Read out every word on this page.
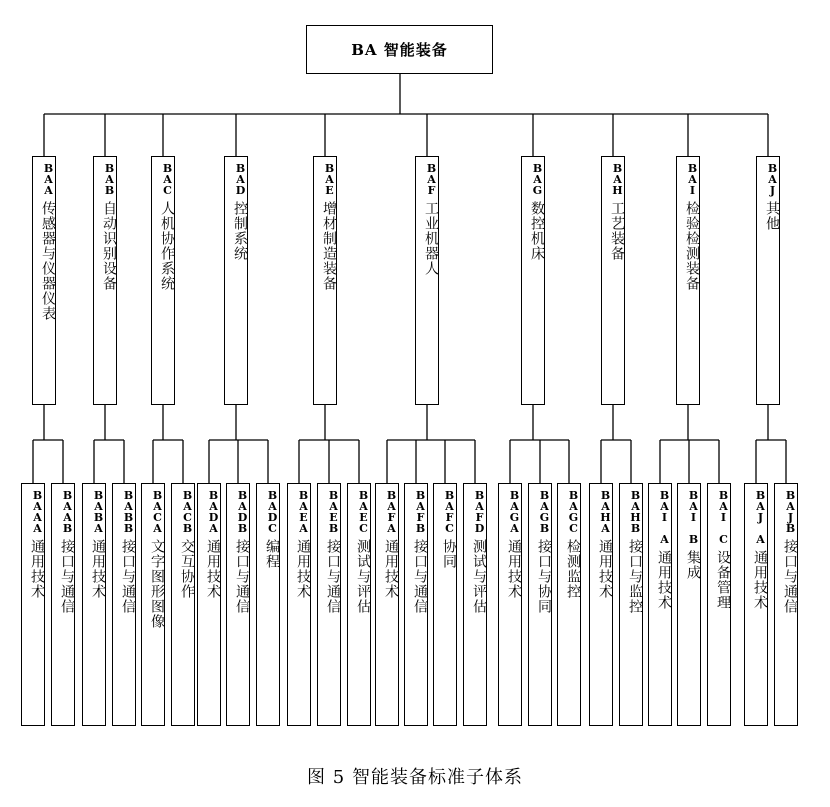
BA
智能装备
BAA传感器与仪器仪表
BAAA通用技术
BAAB接口与通信
BAB自动识别设备
BABA通用技术
BABB接口与通信
BAC人机协作系统
BACA文字图形图像
BACB交互协作
BAD控制系统
BADA通用技术
BADB接口与通信
BADC编程
BAE增材制造装备
BAEA通用技术
BAEB接口与通信
BAEC测试与评估
BAF工业机器人
BAFA通用技术
BAFB接口与通信
BAFC协同
BAFD测试与评估
BAG数控机床
BAGA通用技术
BAGB接口与协同
BAGC检测监控
BAH工艺装备
BAHA通用技术
BAHB接口与监控
BAI检验检测装备
BAI A通用技术
BAI B集成
BAI C设备管理
BAJ其他
BAJ A通用技术
BAJB接口与通信
图 5 智能装备标准子体系
